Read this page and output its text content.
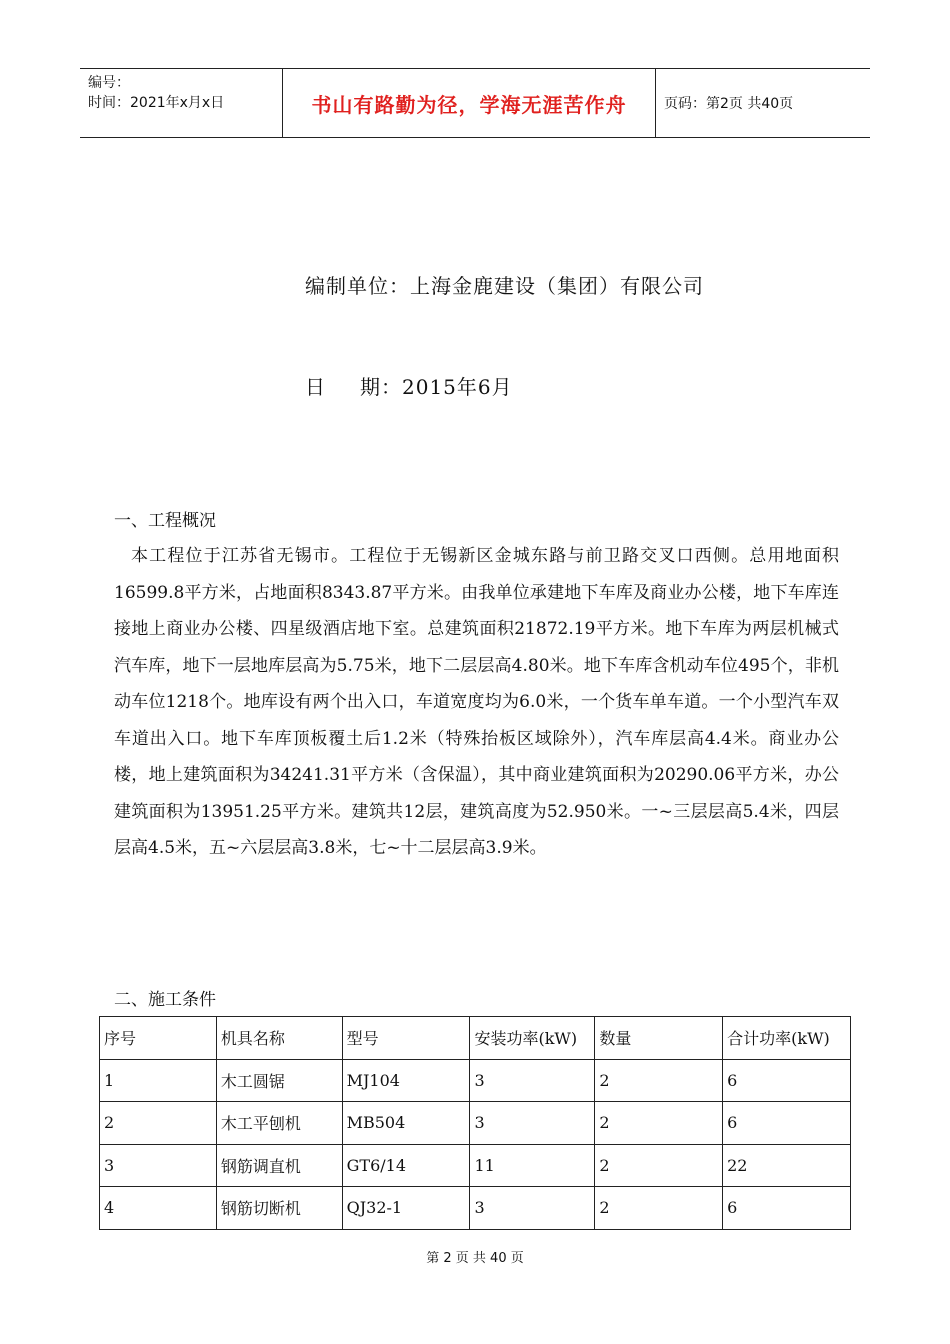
编号：
时间：2021年x月x日	书山有路勤为径，学海无涯苦作舟	页码：第2页 共40页
编制单位：上海金鹿建设（集团）有限公司
日 期：2015年6月
一、工程概况
本工程位于江苏省无锡市。工程位于无锡新区金城东路与前卫路交叉口西侧。总用地面积16599.8平方米，占地面积8343.87平方米。由我单位承建地下车库及商业办公楼，地下车库连接地上商业办公楼、四星级酒店地下室。总建筑面积21872.19平方米。地下车库为两层机械式汽车库，地下一层地库层高为5.75米，地下二层层高4.80米。地下车库含机动车位495个，非机动车位1218个。地库设有两个出入口，车道宽度均为6.0米，一个货车单车道。一个小型汽车双车道出入口。地下车库顶板覆土后1.2米（特殊抬板区域除外），汽车库层高4.4米。商业办公楼，地上建筑面积为34241.31平方米（含保温），其中商业建筑面积为20290.06平方米，办公建筑面积为13951.25平方米。建筑共12层，建筑高度为52.950米。一~三层层高5.4米，四层层高4.5米，五~六层层高3.8米，七~十二层层高3.9米。
二、施工条件
序号	机具名称	型号	安装功率(kW)	数量	合计功率(kW)
1	木工圆锯	MJ104	3	2	6
2	木工平刨机	MB504	3	2	6
3	钢筋调直机	GT6/14	11	2	22
4	钢筋切断机	QJ32-1	3	2	6
第 2 页 共 40 页
